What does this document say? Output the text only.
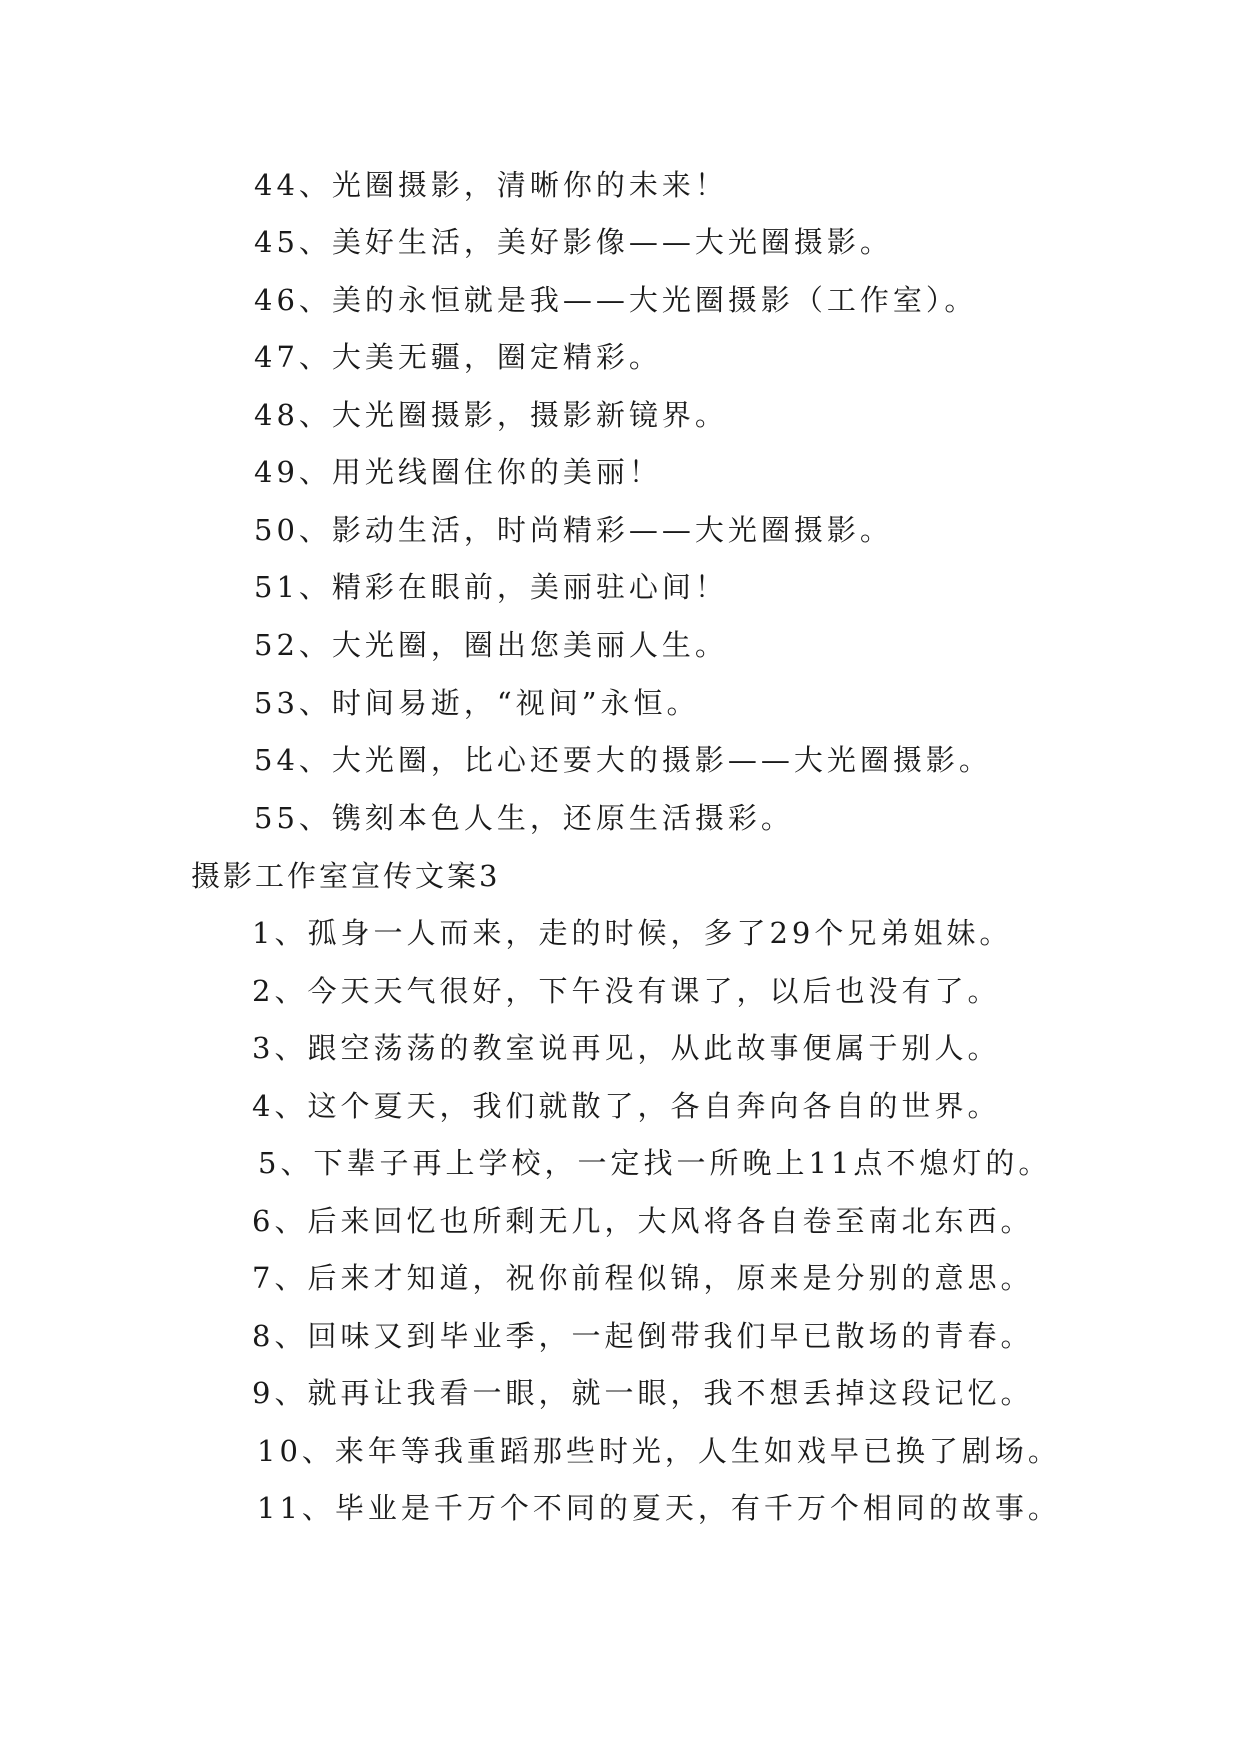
44、光圈摄影，清晰你的未来！
45、美好生活，美好影像——大光圈摄影。
46、美的永恒就是我——大光圈摄影（工作室）。
47、大美无疆，圈定精彩。
48、大光圈摄影，摄影新镜界。
49、用光线圈住你的美丽！
50、影动生活，时尚精彩——大光圈摄影。
51、精彩在眼前，美丽驻心间！
52、大光圈，圈出您美丽人生。
53、时间易逝，“视间”永恒。
54、大光圈，比心还要大的摄影——大光圈摄影。
55、镌刻本色人生，还原生活摄彩。
摄影工作室宣传文案3
1、孤身一人而来，走的时候，多了29个兄弟姐妹。
2、今天天气很好，下午没有课了，以后也没有了。
3、跟空荡荡的教室说再见，从此故事便属于别人。
4、这个夏天，我们就散了，各自奔向各自的世界。
5、下辈子再上学校，一定找一所晚上11点不熄灯的。
6、后来回忆也所剩无几，大风将各自卷至南北东西。
7、后来才知道，祝你前程似锦，原来是分别的意思。
8、回味又到毕业季，一起倒带我们早已散场的青春。
9、就再让我看一眼，就一眼，我不想丢掉这段记忆。
10、来年等我重蹈那些时光，人生如戏早已换了剧场。
11、毕业是千万个不同的夏天，有千万个相同的故事。
